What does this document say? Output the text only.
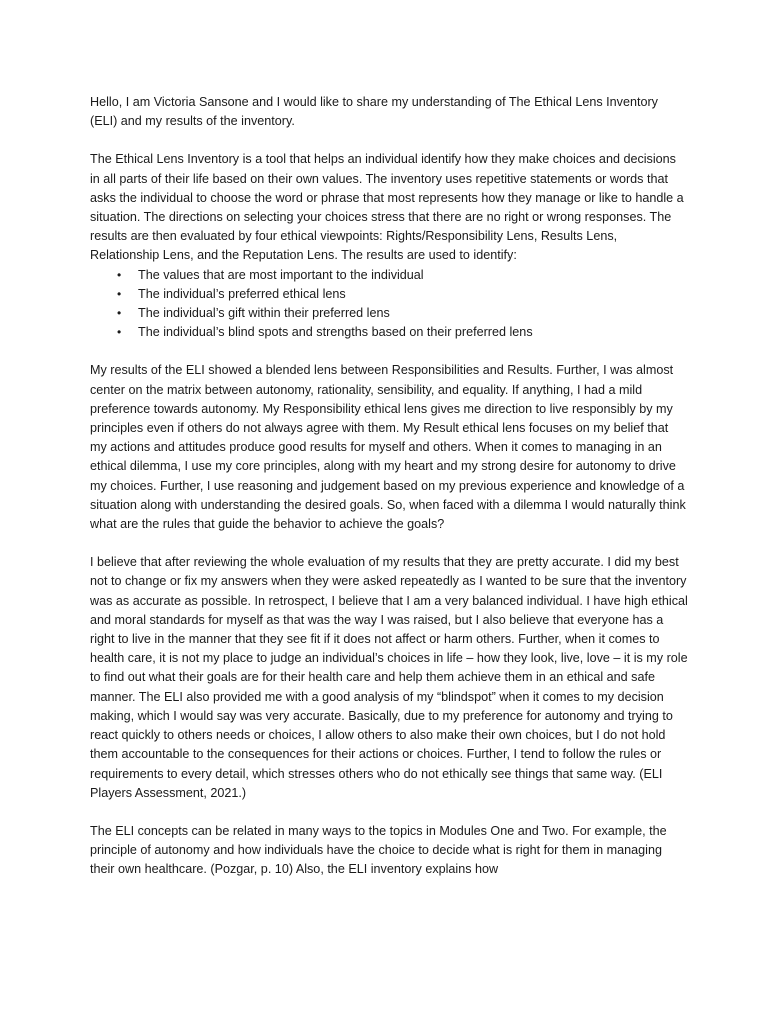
Hello, I am Victoria Sansone and I would like to share my understanding of The Ethical Lens Inventory (ELI) and my results of the inventory.

The Ethical Lens Inventory is a tool that helps an individual identify how they make choices and decisions in all parts of their life based on their own values. The inventory uses repetitive statements or words that asks the individual to choose the word or phrase that most represents how they manage or like to handle a situation. The directions on selecting your choices stress that there are no right or wrong responses. The results are then evaluated by four ethical viewpoints: Rights/Responsibility Lens, Results Lens, Relationship Lens, and the Reputation Lens. The results are used to identify:

• The values that are most important to the individual
• The individual’s preferred ethical lens
• The individual’s gift within their preferred lens
• The individual’s blind spots and strengths based on their preferred lens

My results of the ELI showed a blended lens between Responsibilities and Results. Further, I was almost center on the matrix between autonomy, rationality, sensibility, and equality. If anything, I had a mild preference towards autonomy. My Responsibility ethical lens gives me direction to live responsibly by my principles even if others do not always agree with them. My Result ethical lens focuses on my belief that my actions and attitudes produce good results for myself and others. When it comes to managing in an ethical dilemma, I use my core principles, along with my heart and my strong desire for autonomy to drive my choices. Further, I use reasoning and judgement based on my previous experience and knowledge of a situation along with understanding the desired goals. So, when faced with a dilemma I would naturally think what are the rules that guide the behavior to achieve the goals?

I believe that after reviewing the whole evaluation of my results that they are pretty accurate. I did my best not to change or fix my answers when they were asked repeatedly as I wanted to be sure that the inventory was as accurate as possible. In retrospect, I believe that I am a very balanced individual. I have high ethical and moral standards for myself as that was the way I was raised, but I also believe that everyone has a right to live in the manner that they see fit if it does not affect or harm others. Further, when it comes to health care, it is not my place to judge an individual’s choices in life – how they look, live, love – it is my role to find out what their goals are for their health care and help them achieve them in an ethical and safe manner. The ELI also provided me with a good analysis of my “blindspot” when it comes to my decision making, which I would say was very accurate. Basically, due to my preference for autonomy and trying to react quickly to others needs or choices, I allow others to also make their own choices, but I do not hold them accountable to the consequences for their actions or choices. Further, I tend to follow the rules or requirements to every detail, which stresses others who do not ethically see things that same way. (ELI Players Assessment, 2021.)

The ELI concepts can be related in many ways to the topics in Modules One and Two. For example, the principle of autonomy and how individuals have the choice to decide what is right for them in managing their own healthcare. (Pozgar, p. 10) Also, the ELI inventory explains how
